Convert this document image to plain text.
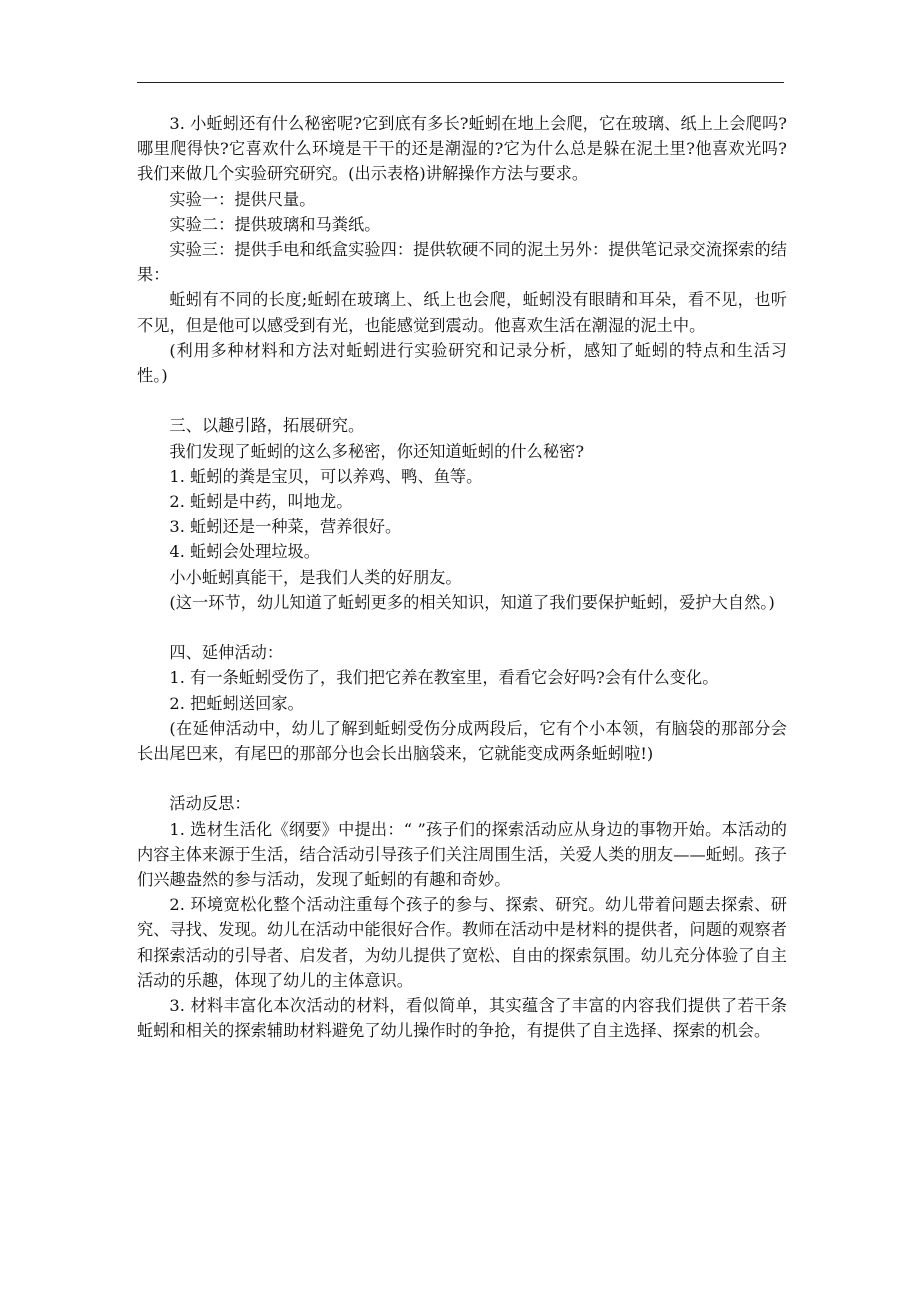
3. 小蚯蚓还有什么秘密呢?它到底有多长?蚯蚓在地上会爬，它在玻璃、纸上上会爬吗?哪里爬得快?它喜欢什么环境是干干的还是潮湿的?它为什么总是躲在泥土里?他喜欢光吗?我们来做几个实验研究研究。(出示表格)讲解操作方法与要求。

实验一：提供尺量。

实验二：提供玻璃和马粪纸。

实验三：提供手电和纸盒实验四：提供软硬不同的泥土另外：提供笔记录交流探索的结果：

蚯蚓有不同的长度;蚯蚓在玻璃上、纸上也会爬，蚯蚓没有眼睛和耳朵，看不见，也听不见，但是他可以感受到有光，也能感觉到震动。他喜欢生活在潮湿的泥土中。

(利用多种材料和方法对蚯蚓进行实验研究和记录分析，感知了蚯蚓的特点和生活习性。)

三、以趣引路，拓展研究。

我们发现了蚯蚓的这么多秘密，你还知道蚯蚓的什么秘密?

1. 蚯蚓的粪是宝贝，可以养鸡、鸭、鱼等。

2. 蚯蚓是中药，叫地龙。

3. 蚯蚓还是一种菜，营养很好。

4. 蚯蚓会处理垃圾。

小小蚯蚓真能干，是我们人类的好朋友。

(这一环节，幼儿知道了蚯蚓更多的相关知识，知道了我们要保护蚯蚓，爱护大自然。)

四、延伸活动：

1. 有一条蚯蚓受伤了，我们把它养在教室里，看看它会好吗?会有什么变化。

2. 把蚯蚓送回家。

(在延伸活动中，幼儿了解到蚯蚓受伤分成两段后，它有个小本领，有脑袋的那部分会长出尾巴来，有尾巴的那部分也会长出脑袋来，它就能变成两条蚯蚓啦!)

活动反思：

1. 选材生活化《纲要》中提出：“ ”孩子们的探索活动应从身边的事物开始。本活动的内容主体来源于生活，结合活动引导孩子们关注周围生活，关爱人类的朋友——蚯蚓。孩子们兴趣盎然的参与活动，发现了蚯蚓的有趣和奇妙。

2. 环境宽松化整个活动注重每个孩子的参与、探索、研究。幼儿带着问题去探索、研究、寻找、发现。幼儿在活动中能很好合作。教师在活动中是材料的提供者，问题的观察者和探索活动的引导者、启发者，为幼儿提供了宽松、自由的探索氛围。幼儿充分体验了自主活动的乐趣，体现了幼儿的主体意识。

3. 材料丰富化本次活动的材料，看似简单，其实蕴含了丰富的内容我们提供了若干条蚯蚓和相关的探索辅助材料避免了幼儿操作时的争抢，有提供了自主选择、探索的机会。
